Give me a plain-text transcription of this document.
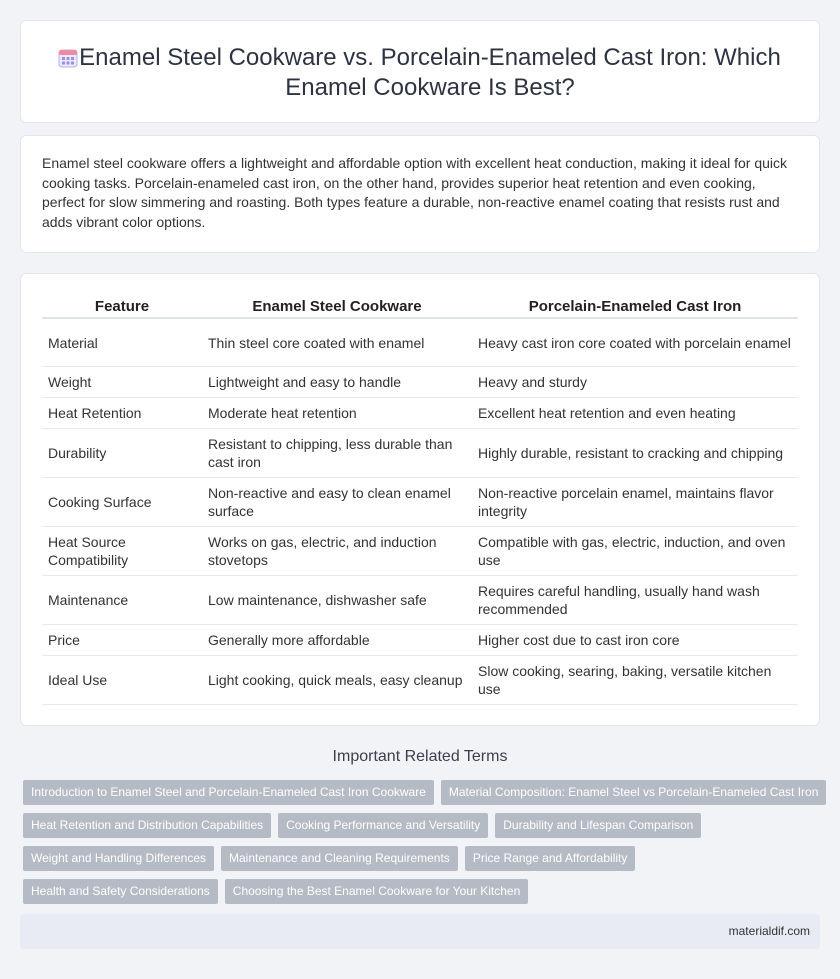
Enamel Steel Cookware vs. Porcelain-Enameled Cast Iron: Which
Enamel Cookware Is Best?

Enamel steel cookware offers a lightweight and affordable option with excellent heat conduction, making it ideal for quick cooking tasks. Porcelain-enameled cast iron, on the other hand, provides superior heat retention and even cooking, perfect for slow simmering and roasting. Both types feature a durable, non-reactive enamel coating that resists rust and adds vibrant color options.

Feature	Enamel Steel Cookware	Porcelain-Enameled Cast Iron
Material	Thin steel core coated with enamel	Heavy cast iron core coated with porcelain enamel
Weight	Lightweight and easy to handle	Heavy and sturdy
Heat Retention	Moderate heat retention	Excellent heat retention and even heating
Durability	Resistant to chipping, less durable than cast iron	Highly durable, resistant to cracking and chipping
Cooking Surface	Non-reactive and easy to clean enamel surface	Non-reactive porcelain enamel, maintains flavor integrity
Heat Source Compatibility	Works on gas, electric, and induction stovetops	Compatible with gas, electric, induction, and oven use
Maintenance	Low maintenance, dishwasher safe	Requires careful handling, usually hand wash recommended
Price	Generally more affordable	Higher cost due to cast iron core
Ideal Use	Light cooking, quick meals, easy cleanup	Slow cooking, searing, baking, versatile kitchen use
Important Related Terms
Introduction to Enamel Steel and Porcelain-Enameled Cast Iron Cookware	Material Composition: Enamel Steel vs Porcelain-Enameled Cast Iron
Heat Retention and Distribution Capabilities	Cooking Performance and Versatility	Durability and Lifespan Comparison
Weight and Handling Differences	Maintenance and Cleaning Requirements	Price Range and Affordability
Health and Safety Considerations	Choosing the Best Enamel Cookware for Your Kitchen
materialdif.com
